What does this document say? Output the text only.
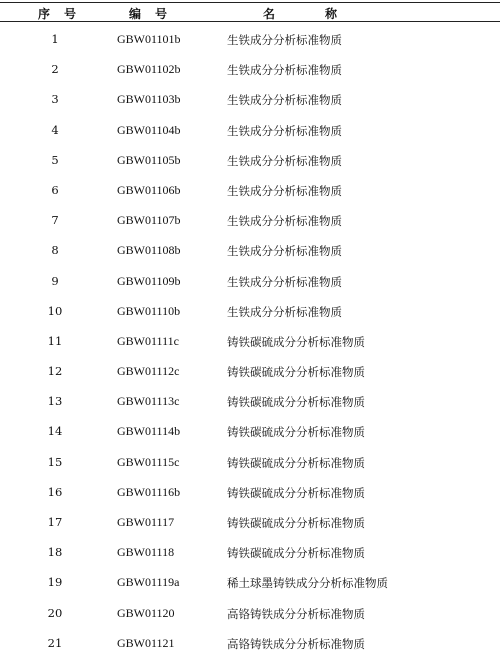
序号	编号	名称
1	GBW01101b	生铁成分分析标准物质
2	GBW01102b	生铁成分分析标准物质
3	GBW01103b	生铁成分分析标准物质
4	GBW01104b	生铁成分分析标准物质
5	GBW01105b	生铁成分分析标准物质
6	GBW01106b	生铁成分分析标准物质
7	GBW01107b	生铁成分分析标准物质
8	GBW01108b	生铁成分分析标准物质
9	GBW01109b	生铁成分分析标准物质
10	GBW01110b	生铁成分分析标准物质
11	GBW01111c	铸铁碳硫成分分析标准物质
12	GBW01112c	铸铁碳硫成分分析标准物质
13	GBW01113c	铸铁碳硫成分分析标准物质
14	GBW01114b	铸铁碳硫成分分析标准物质
15	GBW01115c	铸铁碳硫成分分析标准物质
16	GBW01116b	铸铁碳硫成分分析标准物质
17	GBW01117	铸铁碳硫成分分析标准物质
18	GBW01118	铸铁碳硫成分分析标准物质
19	GBW01119a	稀土球墨铸铁成分分析标准物质
20	GBW01120	高铬铸铁成分分析标准物质
21	GBW01121	高铬铸铁成分分析标准物质
